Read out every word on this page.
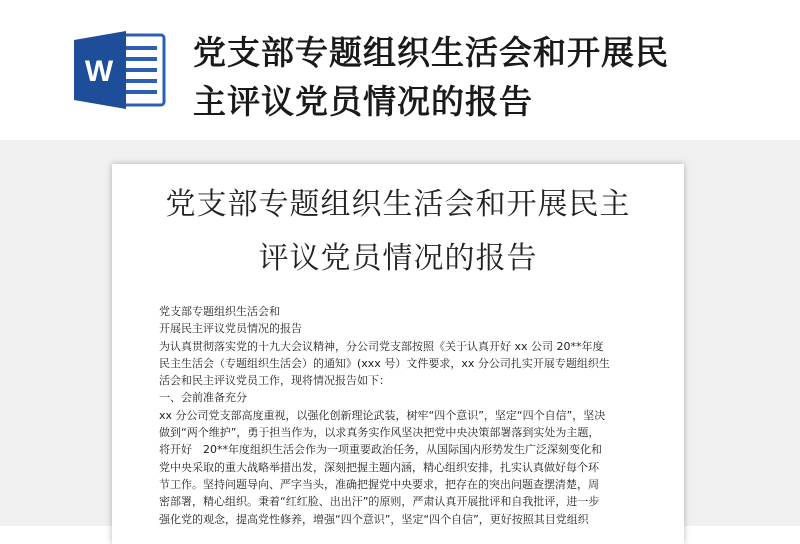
W 党支部专题组织生活会和开展民
主评议党员情况的报告
党支部专题组织生活会和开展民主
评议党员情况的报告

党支部专题组织生活会和

开展民主评议党员情况的报告

为认真贯彻落实党的十九大会议精神，分公司党支部按照《关于认真开好 xx 公司 20**年度

民主生活会（专题组织生活会）的通知》(xxx 号）文件要求，xx 分公司扎实开展专题组织生

活会和民主评议党员工作，现将情况报告如下：

一、会前准备充分

xx 分公司党支部高度重视，以强化创新理论武装，树牢“四个意识”，坚定“四个自信”，坚决

做到“两个维护”，勇于担当作为，以求真务实作风坚决把党中央决策部署落到实处为主题，

将开好　20**年度组织生活会作为一项重要政治任务，从国际国内形势发生广泛深刻变化和

党中央采取的重大战略举措出发，深刻把握主题内涵，精心组织安排，扎实认真做好每个环

节工作。坚持问题导向、严字当头，准确把握党中央要求，把存在的突出问题查摆清楚，周

密部署，精心组织。秉着“红红脸、出出汗”的原则，严肃认真开展批评和自我批评，进一步

强化党的观念，提高党性修养，增强“四个意识”，坚定“四个自信”，更好按照其目党组织
